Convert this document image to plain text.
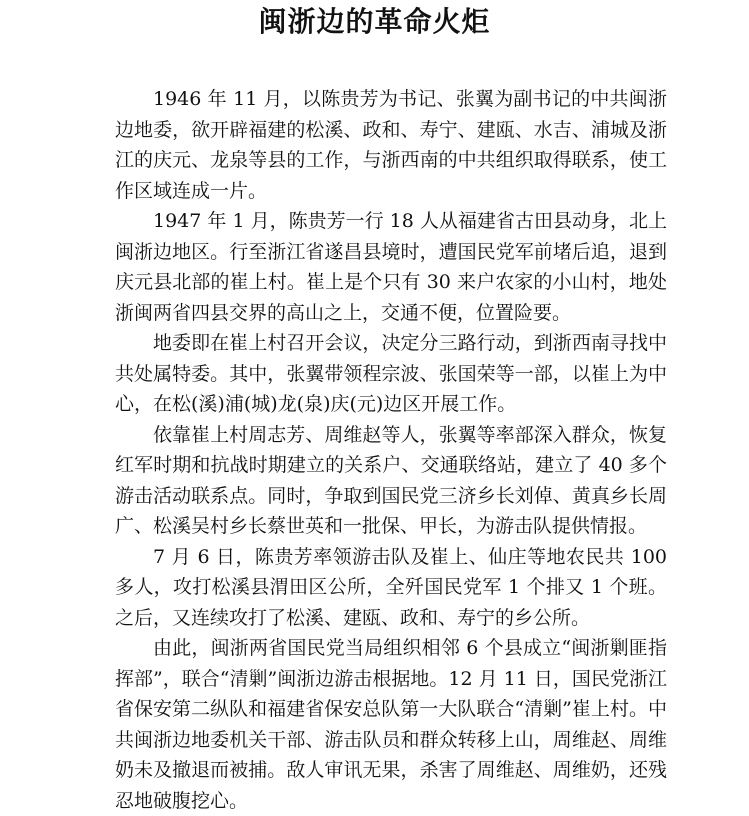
闽浙边的革命火炬

1946 年 11 月，以陈贵芳为书记、张翼为副书记的中共闽浙边地委，欲开辟福建的松溪、政和、寿宁、建瓯、水吉、浦城及浙江的庆元、龙泉等县的工作，与浙西南的中共组织取得联系，使工作区域连成一片。

1947 年 1 月，陈贵芳一行 18 人从福建省古田县动身，北上闽浙边地区。行至浙江省遂昌县境时，遭国民党军前堵后追，退到庆元县北部的崔上村。崔上是个只有 30 来户农家的小山村，地处浙闽两省四县交界的高山之上，交通不便，位置险要。

地委即在崔上村召开会议，决定分三路行动，到浙西南寻找中共处属特委。其中，张翼带领程宗波、张国荣等一部，以崔上为中心，在松(溪)浦(城)龙(泉)庆(元)边区开展工作。

依靠崔上村周志芳、周维赵等人，张翼等率部深入群众，恢复红军时期和抗战时期建立的关系户、交通联络站，建立了 40 多个游击活动联系点。同时，争取到国民党三济乡长刘倬、黄真乡长周广、松溪吴村乡长蔡世英和一批保、甲长，为游击队提供情报。

7 月 6 日，陈贵芳率领游击队及崔上、仙庄等地农民共 100 多人，攻打松溪县渭田区公所，全歼国民党军 1 个排又 1 个班。之后，又连续攻打了松溪、建瓯、政和、寿宁的乡公所。

由此，闽浙两省国民党当局组织相邻 6 个县成立“闽浙剿匪指挥部”，联合“清剿”闽浙边游击根据地。12 月 11 日，国民党浙江省保安第二纵队和福建省保安总队第一大队联合“清剿”崔上村。中共闽浙边地委机关干部、游击队员和群众转移上山，周维赵、周维奶未及撤退而被捕。敌人审讯无果，杀害了周维赵、周维奶，还残忍地破腹挖心。
